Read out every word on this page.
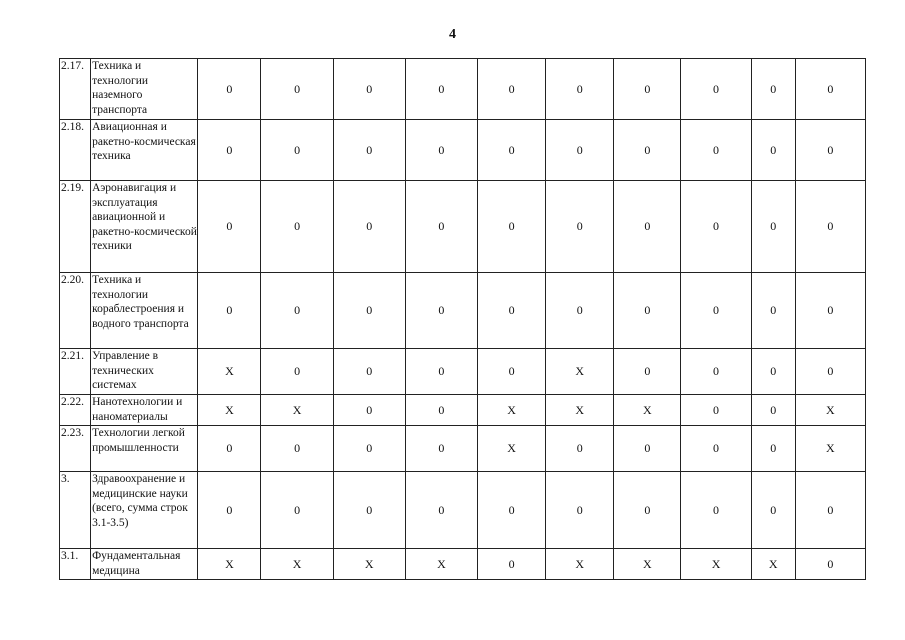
4
2.17.	Техника и технологии наземного транспорта	0	0	0	0	0	0	0	0	0	0
2.18.	Авиационная и ракетно-космическая техника	0	0	0	0	0	0	0	0	0	0
2.19.	Аэронавигация и эксплуатация авиационной и ракетно-космической техники	0	0	0	0	0	0	0	0	0	0
2.20.	Техника и технологии кораблестроения и водного транспорта	0	0	0	0	0	0	0	0	0	0
2.21.	Управление в технических системах	Х	0	0	0	0	Х	0	0	0	0
2.22.	Нанотехнологии и наноматериалы	Х	Х	0	0	Х	Х	Х	0	0	Х
2.23.	Технологии легкой промышленности	0	0	0	0	Х	0	0	0	0	Х
3.	Здравоохранение и медицинские науки (всего, сумма строк 3.1-3.5)	0	0	0	0	0	0	0	0	0	0
3.1.	Фундаментальная медицина	Х	Х	Х	Х	0	Х	Х	Х	Х	0
